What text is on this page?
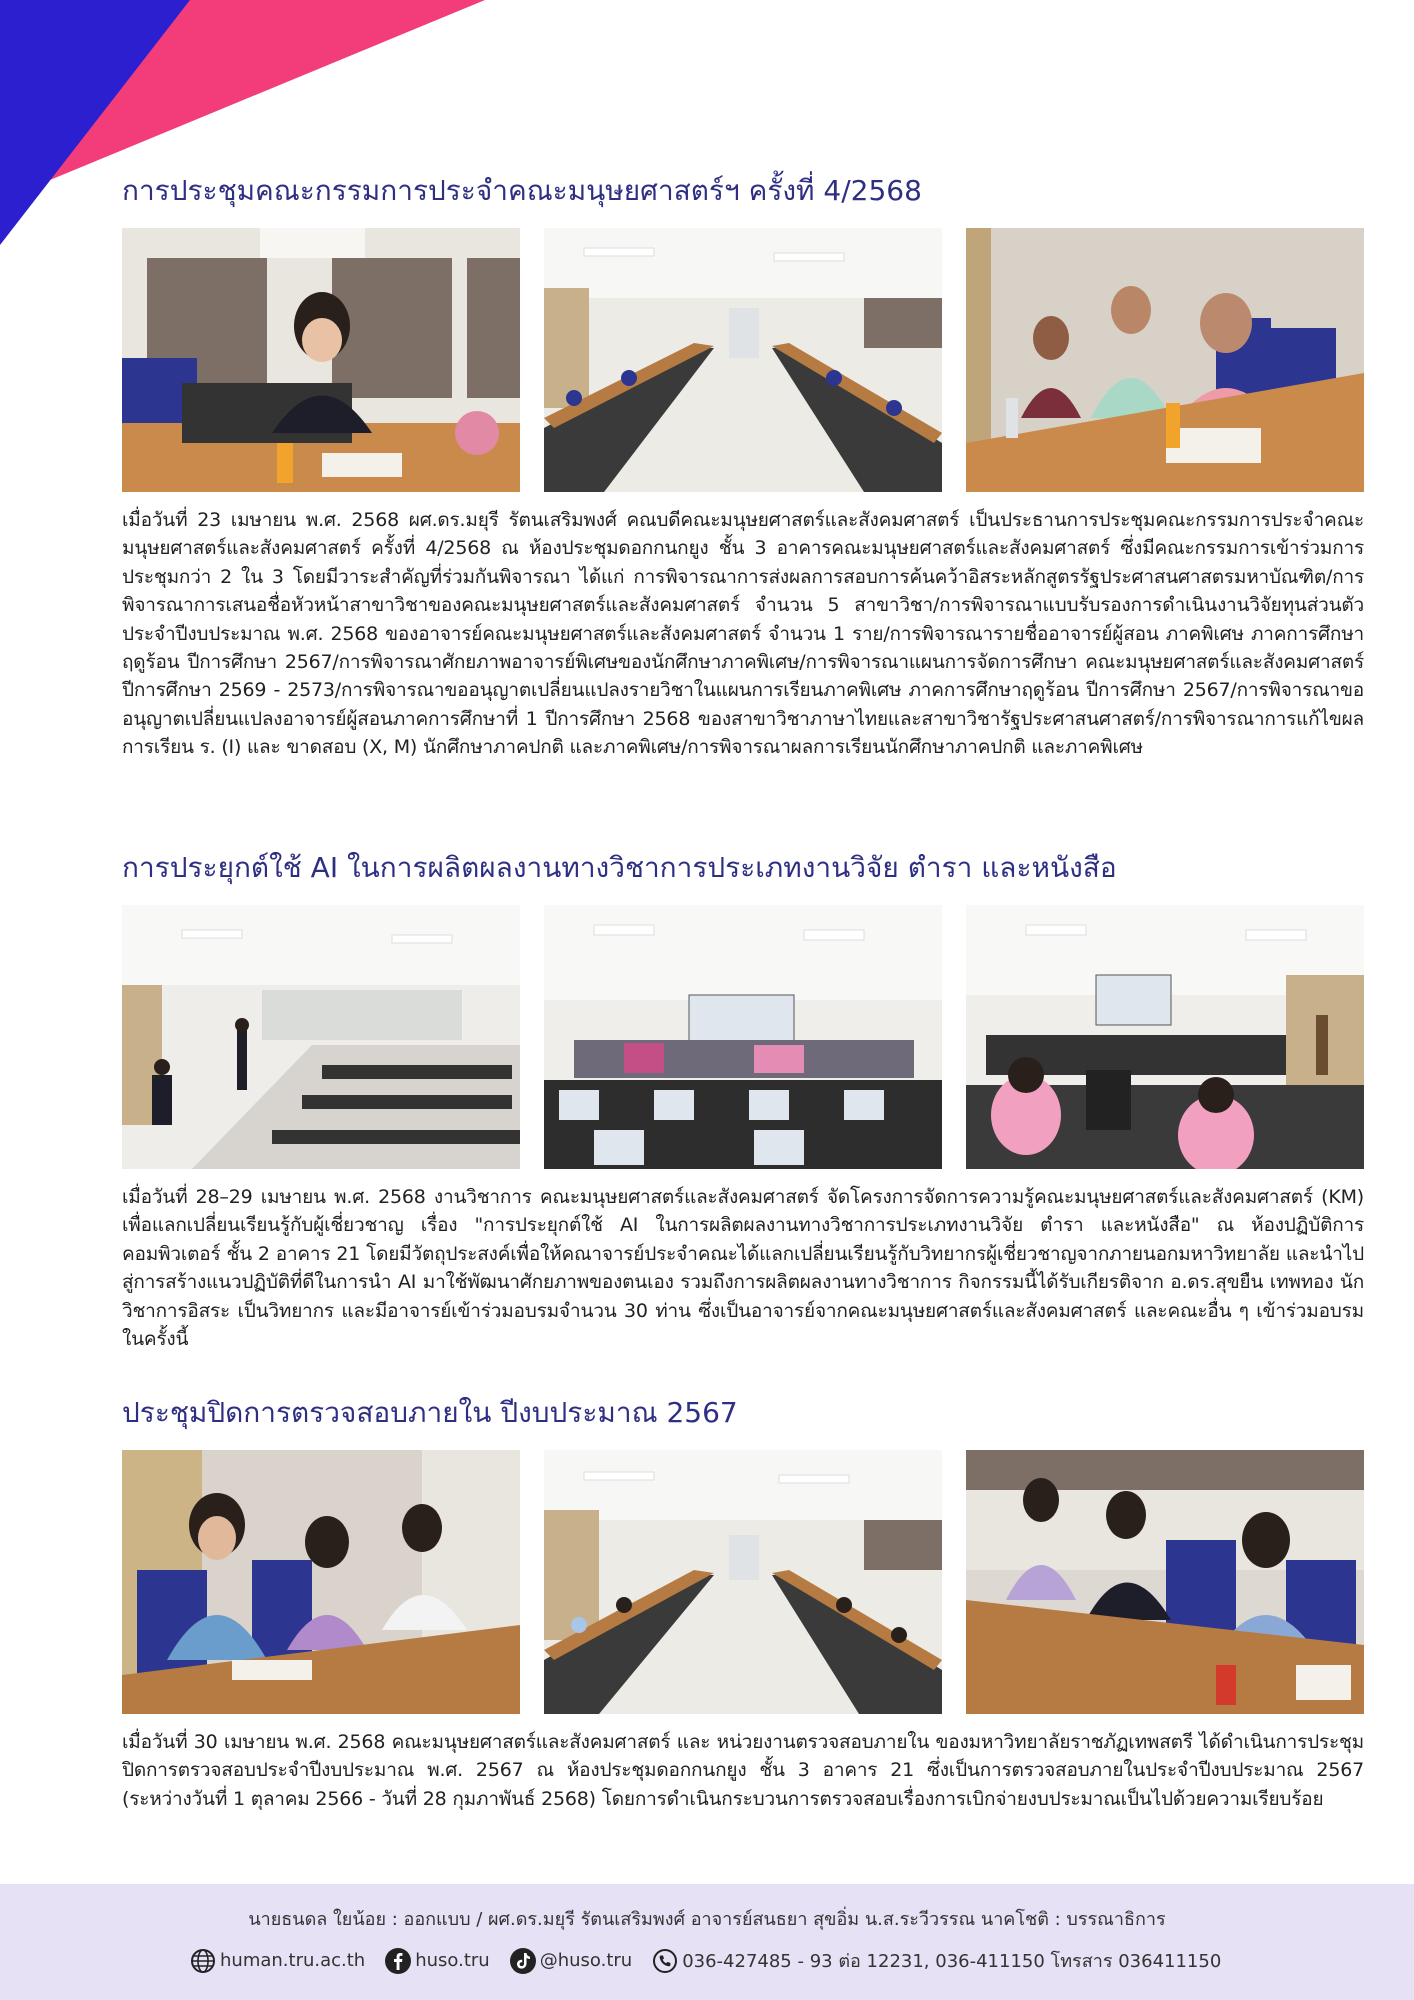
การประชุมคณะกรรมการประจำคณะมนุษยศาสตร์ฯ ครั้งที่ 4/2568

เมื่อวันที่ 23 เมษายน พ.ศ. 2568 ผศ.ดร.มยุรี รัตนเสริมพงศ์ คณบดีคณะมนุษยศาสตร์และสังคมศาสตร์ เป็นประธานการประชุมคณะกรรมการประจำคณะมนุษยศาสตร์และสังคมศาสตร์ ครั้งที่ 4/2568 ณ ห้องประชุมดอกกนกยูง ชั้น 3 อาคารคณะมนุษยศาสตร์และสังคมศาสตร์ ซึ่งมีคณะกรรมการเข้าร่วมการประชุมกว่า 2 ใน 3 โดยมีวาระสำคัญที่ร่วมกันพิจารณา ได้แก่ การพิจารณาการส่งผลการสอบการค้นคว้าอิสระหลักสูตรรัฐประศาสนศาสตรมหาบัณฑิต/การพิจารณาการเสนอชื่อหัวหน้าสาขาวิชาของคณะมนุษยศาสตร์และสังคมศาสตร์ จำนวน 5 สาขาวิชา/การพิจารณาแบบรับรองการดำเนินงานวิจัยทุนส่วนตัว ประจำปีงบประมาณ พ.ศ. 2568 ของอาจารย์คณะมนุษยศาสตร์และสังคมศาสตร์ จำนวน 1 ราย/การพิจารณารายชื่ออาจารย์ผู้สอน ภาคพิเศษ ภาคการศึกษาฤดูร้อน ปีการศึกษา 2567/การพิจารณาศักยภาพอาจารย์พิเศษของนักศึกษาภาคพิเศษ/การพิจารณาแผนการจัดการศึกษา คณะมนุษยศาสตร์และสังคมศาสตร์ ปีการศึกษา 2569 - 2573/การพิจารณาขออนุญาตเปลี่ยนแปลงรายวิชาในแผนการเรียนภาคพิเศษ ภาคการศึกษาฤดูร้อน ปีการศึกษา 2567/การพิจารณาขออนุญาตเปลี่ยนแปลงอาจารย์ผู้สอนภาคการศึกษาที่ 1 ปีการศึกษา 2568 ของสาขาวิชาภาษาไทยและสาขาวิชารัฐประศาสนศาสตร์/การพิจารณาการแก้ไขผลการเรียน ร. (I) และ ขาดสอบ (X, M) นักศึกษาภาคปกติ และภาคพิเศษ/การพิจารณาผลการเรียนนักศึกษาภาคปกติ และภาคพิเศษ

การประยุกต์ใช้ AI ในการผลิตผลงานทางวิชาการประเภทงานวิจัย ตำรา และหนังสือ

เมื่อวันที่ 28–29 เมษายน พ.ศ. 2568 งานวิชาการ คณะมนุษยศาสตร์และสังคมศาสตร์ จัดโครงการจัดการความรู้คณะมนุษยศาสตร์และสังคมศาสตร์ (KM) เพื่อแลกเปลี่ยนเรียนรู้กับผู้เชี่ยวชาญ เรื่อง "การประยุกต์ใช้ AI ในการผลิตผลงานทางวิชาการประเภทงานวิจัย ตำรา และหนังสือ" ณ ห้องปฏิบัติการคอมพิวเตอร์ ชั้น 2 อาคาร 21 โดยมีวัตถุประสงค์เพื่อให้คณาจารย์ประจำคณะได้แลกเปลี่ยนเรียนรู้กับวิทยากรผู้เชี่ยวชาญจากภายนอกมหาวิทยาลัย และนำไปสู่การสร้างแนวปฏิบัติที่ดีในการนำ AI มาใช้พัฒนาศักยภาพของตนเอง รวมถึงการผลิตผลงานทางวิชาการ กิจกรรมนี้ได้รับเกียรติจาก อ.ดร.สุขยืน เทพทอง นักวิชาการอิสระ เป็นวิทยากร และมีอาจารย์เข้าร่วมอบรมจำนวน 30 ท่าน ซึ่งเป็นอาจารย์จากคณะมนุษยศาสตร์และสังคมศาสตร์ และคณะอื่น ๆ เข้าร่วมอบรมในครั้งนี้

ประชุมปิดการตรวจสอบภายใน ปีงบประมาณ 2567

เมื่อวันที่ 30 เมษายน พ.ศ. 2568 คณะมนุษยศาสตร์และสังคมศาสตร์ และ หน่วยงานตรวจสอบภายใน ของมหาวิทยาลัยราชภัฏเทพสตรี ได้ดำเนินการประชุมปิดการตรวจสอบประจำปีงบประมาณ พ.ศ. 2567 ณ ห้องประชุมดอกกนกยูง ชั้น 3 อาคาร 21 ซึ่งเป็นการตรวจสอบภายในประจำปีงบประมาณ 2567 (ระหว่างวันที่ 1 ตุลาคม 2566 - วันที่ 28 กุมภาพันธ์ 2568) โดยการดำเนินกระบวนการตรวจสอบเรื่องการเบิกจ่ายงบประมาณเป็นไปด้วยความเรียบร้อย

นายธนดล ใยน้อย : ออกแบบ / ผศ.ดร.มยุรี รัตนเสริมพงศ์ อาจารย์สนธยา สุขอิ่ม น.ส.ระวีวรรณ นาคโชติ : บรรณาธิการ
human.tru.ac.th	huso.tru	@huso.tru	036-427485 - 93 ต่อ 12231, 036-411150 โทรสาร 036411150
